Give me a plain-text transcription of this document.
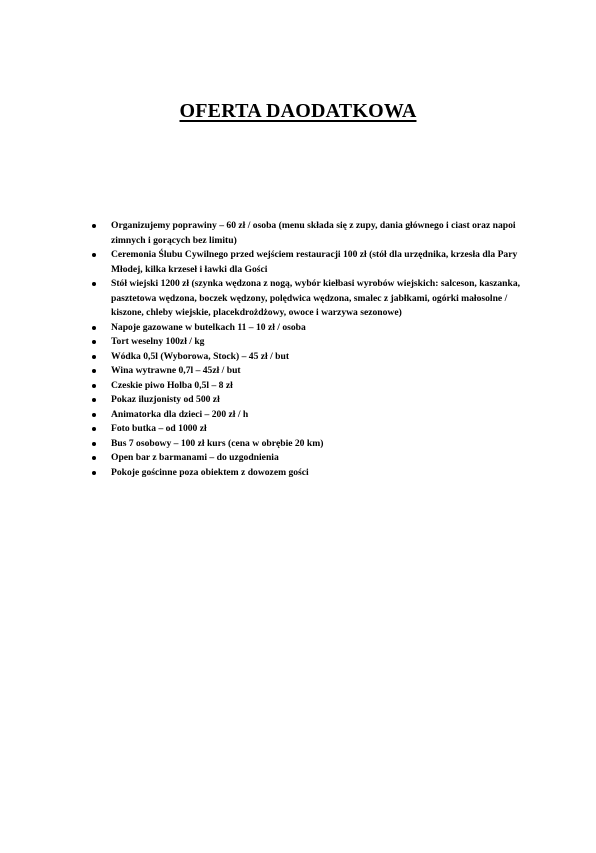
OFERTA DAODATKOWA
Organizujemy poprawiny – 60 zł / osoba (menu składa się z zupy, dania głównego i ciast oraz napoi zimnych i gorących bez limitu)
Ceremonia Ślubu Cywilnego przed wejściem restauracji 100 zł (stół dla urzędnika, krzesła dla Pary Młodej, kilka krzeseł i ławki dla Gości
Stół wiejski 1200 zł (szynka wędzona z nogą, wybór kiełbasi wyrobów wiejskich: salceson, kaszanka, pasztetowa wędzona, boczek wędzony, polędwica wędzona, smalec z jabłkami, ogórki małosolne / kiszone, chleby wiejskie, placekdrożdżowy, owoce i warzywa sezonowe)
Napoje gazowane w butelkach 11 – 10 zł / osoba
Tort weselny 100zł / kg
Wódka 0,5l (Wyborowa, Stock) – 45 zł / but
Wina wytrawne 0,7l – 45zł / but
Czeskie piwo Holba 0,5l – 8 zł
Pokaz iluzjonisty od 500 zł
Animatorka dla dzieci – 200 zł / h
Foto butka – od 1000 zł
Bus 7 osobowy – 100 zł kurs (cena w obrębie 20 km)
Open bar z barmanami – do uzgodnienia
Pokoje gościnne poza obiektem z dowozem gości
